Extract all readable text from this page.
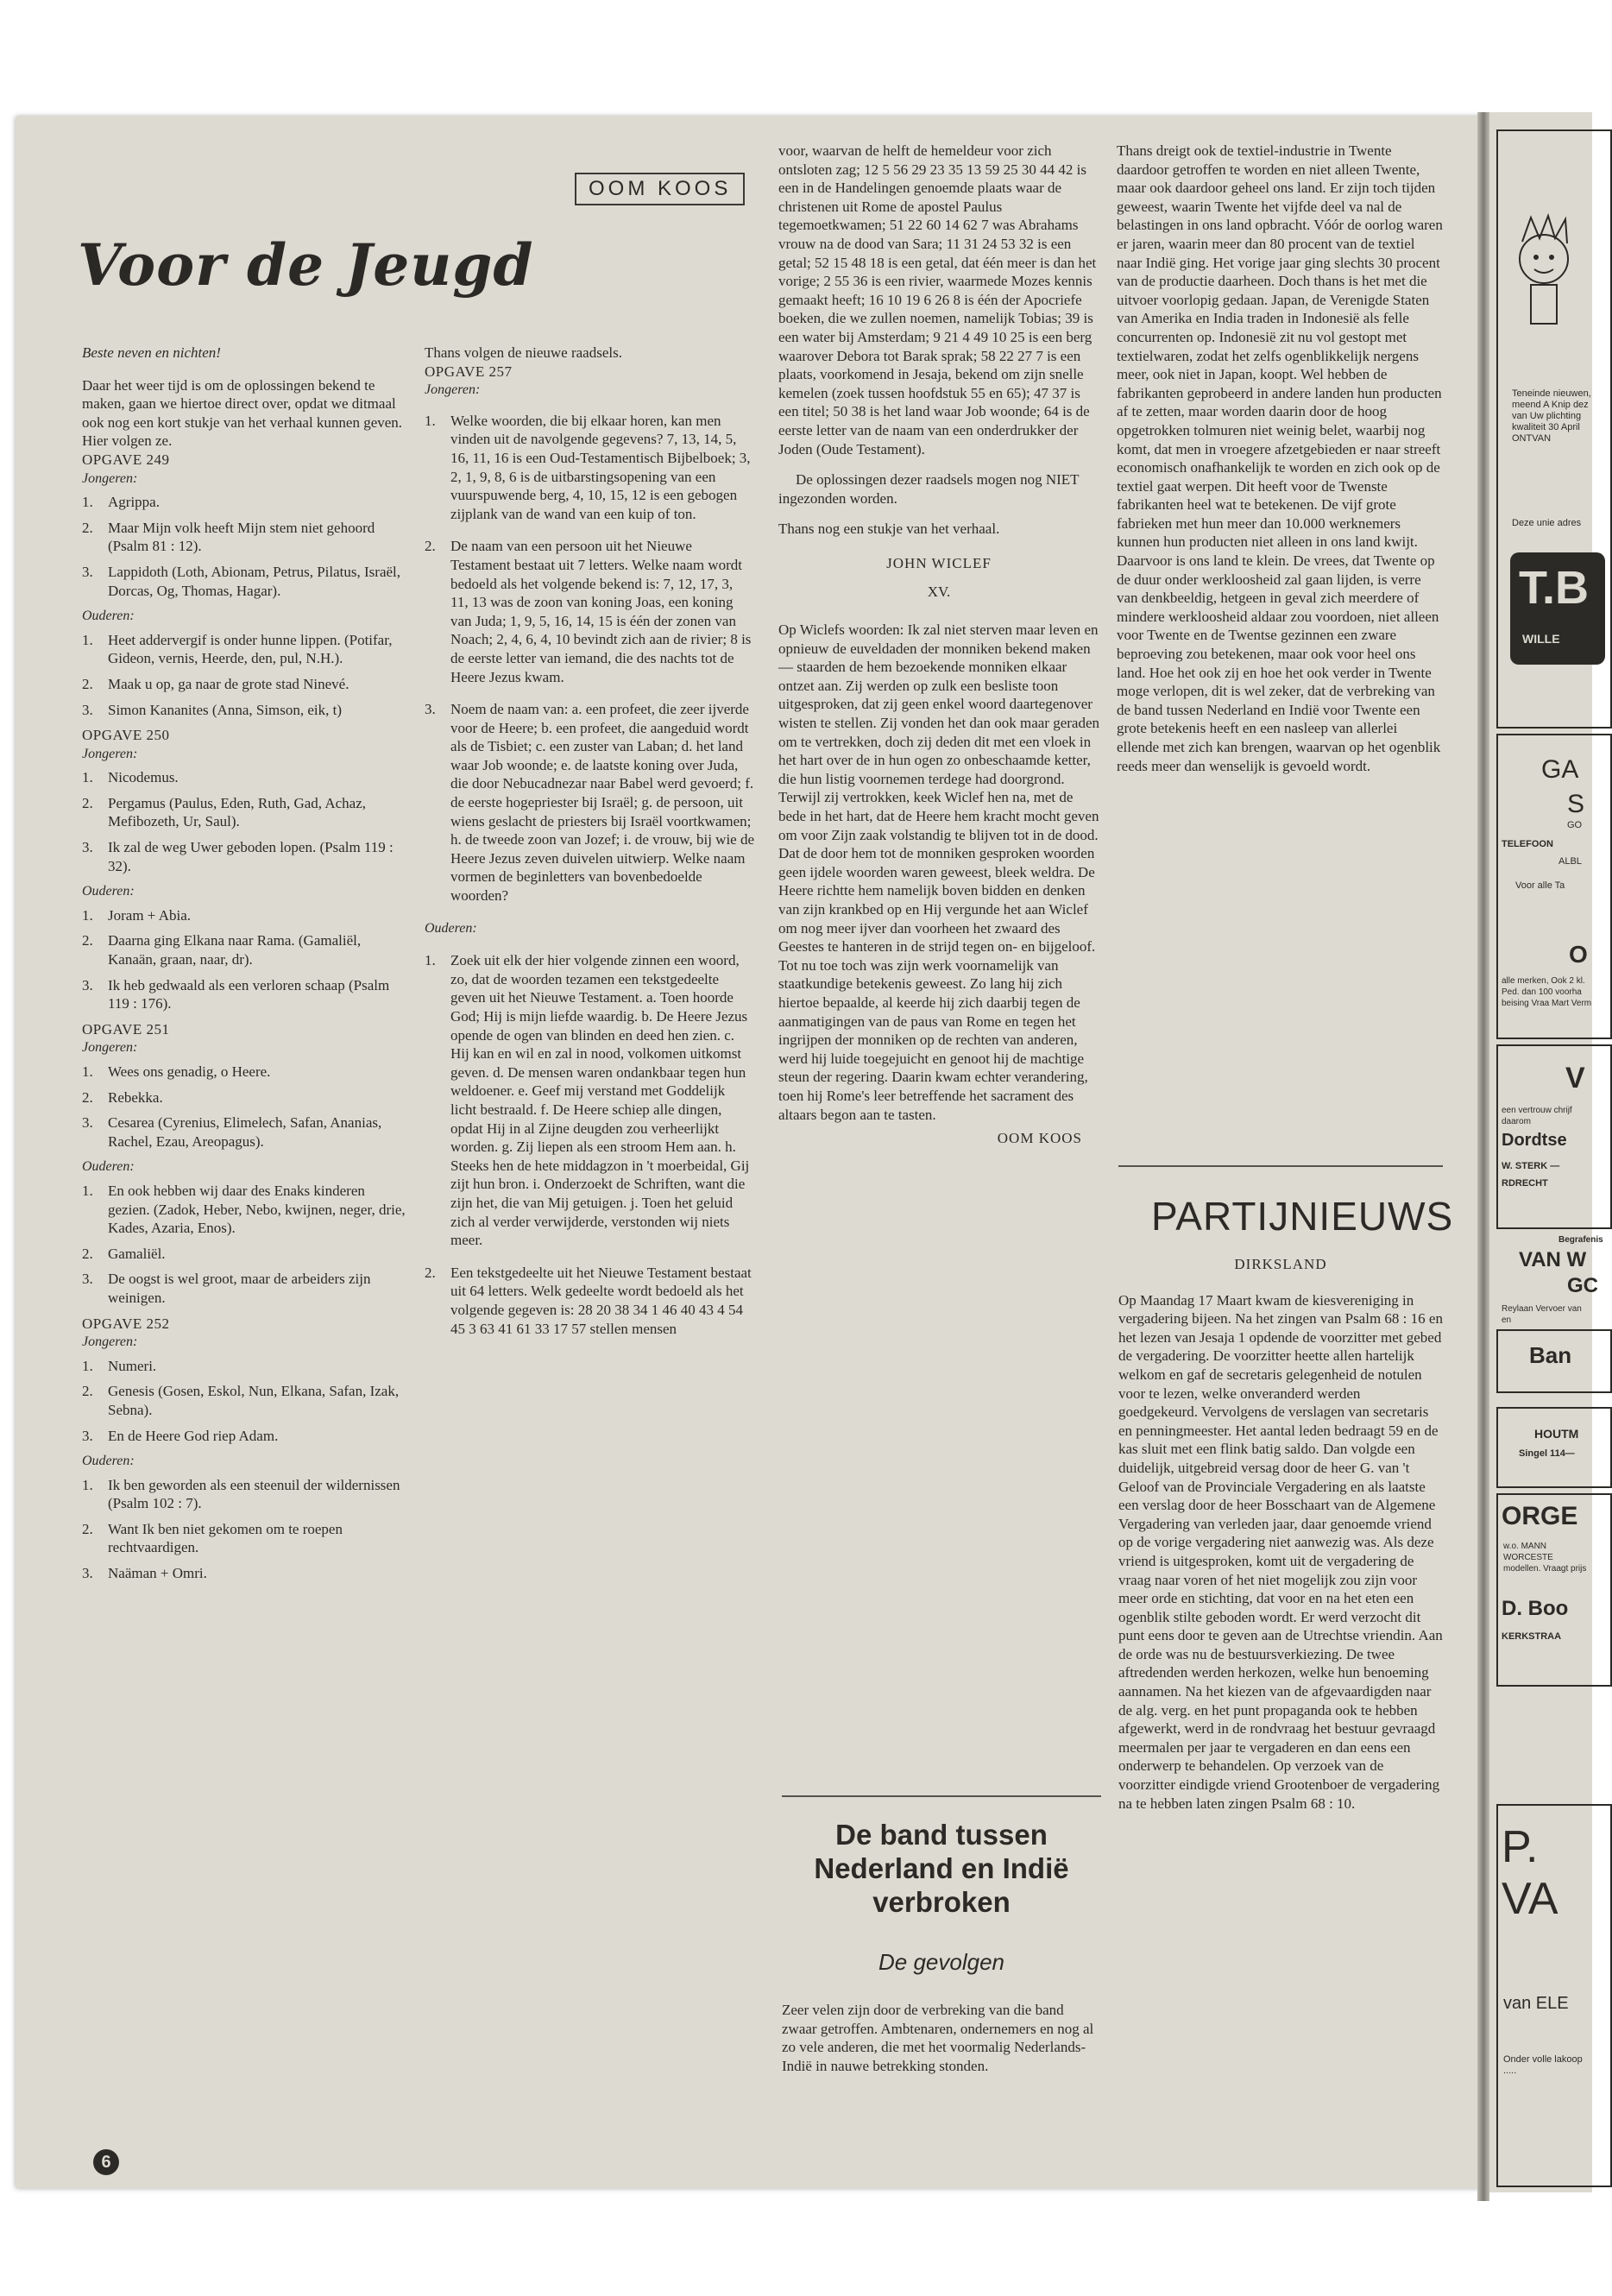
Teneinde nieuwen, meend A Knip dez van Uw plichting kwaliteit 30 April ONTVAN
Deze unie adres
T.B
WILLE
GA
S
GO
TELEFOON
ALBL
Voor alle Ta
O
alle merken, Ook 2 kl. Ped. dan 100 voorha beising Vraa Mart Verm
V
een vertrouw chrijf daarom
Dordtse
W. STERK —
RDRECHT
Begrafenis
VAN W
GC
Reylaan Vervoer van en
Ban
HOUTM
Singel 114—
ORGE
w.o. MANN WORCESTE modellen. Vraagt prijs
D. Boo
KERKSTRAA
P. VA
van ELE
Onder volle lakoop .....
OOM KOOS
Voor de Jeugd

Beste neven en nichten!

Daar het weer tijd is om de oplossingen bekend te maken, gaan we hiertoe direct over, opdat we ditmaal ook nog een kort stukje van het verhaal kunnen geven. Hier volgen ze.

OPGAVE 249

Jongeren:

1. Agrippa.
2. Maar Mijn volk heeft Mijn stem niet gehoord (Psalm 81 : 12).
3. Lappidoth (Loth, Abionam, Petrus, Pilatus, Israël, Dorcas, Og, Thomas, Hagar).

Ouderen:

1. Heet addervergif is onder hunne lippen. (Potifar, Gideon, vernis, Heerde, den, pul, N.H.).
2. Maak u op, ga naar de grote stad Ninevé.
3. Simon Kananites (Anna, Simson, eik, t)

OPGAVE 250

Jongeren:

1. Nicodemus.
2. Pergamus (Paulus, Eden, Ruth, Gad, Achaz, Mefibozeth, Ur, Saul).
3. Ik zal de weg Uwer geboden lopen. (Psalm 119 : 32).

Ouderen:

1. Joram + Abia.
2. Daarna ging Elkana naar Rama. (Gamaliël, Kanaän, graan, naar, dr).
3. Ik heb gedwaald als een verloren schaap (Psalm 119 : 176).

OPGAVE 251

Jongeren:

1. Wees ons genadig, o Heere.
2. Rebekka.
3. Cesarea (Cyrenius, Elimelech, Safan, Ananias, Rachel, Ezau, Areopagus).

Ouderen:

1. En ook hebben wij daar des Enaks kinderen gezien. (Zadok, Heber, Nebo, kwijnen, neger, drie, Kades, Azaria, Enos).
2. Gamaliël.
3. De oogst is wel groot, maar de arbeiders zijn weinigen.

OPGAVE 252

Jongeren:

1. Numeri.
2. Genesis (Gosen, Eskol, Nun, Elkana, Safan, Izak, Sebna).
3. En de Heere God riep Adam.

Ouderen:

1. Ik ben geworden als een steenuil der wildernissen (Psalm 102 : 7).
2. Want Ik ben niet gekomen om te roepen rechtvaardigen.
3. Naäman + Omri.

Thans volgen de nieuwe raadsels.

OPGAVE 257

Jongeren:

1. Welke woorden, die bij elkaar horen, kan men vinden uit de navolgende gegevens? 7, 13, 14, 5, 16, 11, 16 is een Oud-Testamentisch Bijbelboek; 3, 2, 1, 9, 8, 6 is de uitbarstingsopening van een vuurspuwende berg, 4, 10, 15, 12 is een gebogen zijplank van de wand van een kuip of ton.
2. De naam van een persoon uit het Nieuwe Testament bestaat uit 7 letters. Welke naam wordt bedoeld als het volgende bekend is: 7, 12, 17, 3, 11, 13 was de zoon van koning Joas, een koning van Juda; 1, 9, 5, 16, 14, 15 is één der zonen van Noach; 2, 4, 6, 4, 10 bevindt zich aan de rivier; 8 is de eerste letter van iemand, die des nachts tot de Heere Jezus kwam.
3. Noem de naam van: a. een profeet, die zeer ijverde voor de Heere; b. een profeet, die aangeduid wordt als de Tisbiet; c. een zuster van Laban; d. het land waar Job woonde; e. de laatste koning over Juda, die door Nebucadnezar naar Babel werd gevoerd; f. de eerste hogepriester bij Israël; g. de persoon, uit wiens geslacht de priesters bij Israël voortkwamen; h. de tweede zoon van Jozef; i. de vrouw, bij wie de Heere Jezus zeven duivelen uitwierp. Welke naam vormen de beginletters van bovenbedoelde woorden?

Ouderen:

1. Zoek uit elk der hier volgende zinnen een woord, zo, dat de woorden tezamen een tekstgedeelte geven uit het Nieuwe Testament. a. Toen hoorde God; Hij is mijn liefde waardig. b. De Heere Jezus opende de ogen van blinden en deed hen zien. c. Hij kan en wil en zal in nood, volkomen uitkomst geven. d. De mensen waren ondankbaar tegen hun weldoener. e. Geef mij verstand met Goddelijk licht bestraald. f. De Heere schiep alle dingen, opdat Hij in al Zijne deugden zou verheerlijkt worden. g. Zij liepen als een stroom Hem aan. h. Steeks hen de hete middagzon in 't moerbeidal, Gij zijt hun bron. i. Onderzoekt de Schriften, want die zijn het, die van Mij getuigen. j. Toen het geluid zich al verder verwijderde, verstonden wij niets meer.
2. Een tekstgedeelte uit het Nieuwe Testament bestaat uit 64 letters. Welk gedeelte wordt bedoeld als het volgende gegeven is: 28 20 38 34 1 46 40 43 4 54 45 3 63 41 61 33 17 57 stellen mensen

voor, waarvan de helft de hemeldeur voor zich ontsloten zag; 12 5 56 29 23 35 13 59 25 30 44 42 is een in de Handelingen genoemde plaats waar de christenen uit Rome de apostel Paulus tegemoetkwamen; 51 22 60 14 62 7 was Abrahams vrouw na de dood van Sara; 11 31 24 53 32 is een getal; 52 15 48 18 is een getal, dat één meer is dan het vorige; 2 55 36 is een rivier, waarmede Mozes kennis gemaakt heeft; 16 10 19 6 26 8 is één der Apocriefe boeken, die we zullen noemen, namelijk Tobias; 39 is een water bij Amsterdam; 9 21 4 49 10 25 is een berg waarover Debora tot Barak sprak; 58 22 27 7 is een plaats, voorkomend in Jesaja, bekend om zijn snelle kemelen (zoek tussen hoofdstuk 55 en 65); 47 37 is een titel; 50 38 is het land waar Job woonde; 64 is de eerste letter van de naam van een onderdrukker der Joden (Oude Testament).

De oplossingen dezer raadsels mogen nog NIET ingezonden worden.

Thans nog een stukje van het verhaal.

JOHN WICLEF

XV.

Op Wiclefs woorden: Ik zal niet sterven maar leven en opnieuw de euveldaden der monniken bekend maken — staarden de hem bezoekende monniken elkaar ontzet aan. Zij werden op zulk een besliste toon uitgesproken, dat zij geen enkel woord daartegenover wisten te stellen. Zij vonden het dan ook maar geraden om te vertrekken, doch zij deden dit met een vloek in het hart over de in hun ogen zo onbeschaamde ketter, die hun listig voornemen terdege had doorgrond. Terwijl zij vertrokken, keek Wiclef hen na, met de bede in het hart, dat de Heere hem kracht mocht geven om voor Zijn zaak volstandig te blijven tot in de dood. Dat de door hem tot de monniken gesproken woorden geen ijdele woorden waren geweest, bleek weldra. De Heere richtte hem namelijk boven bidden en denken van zijn krankbed op en Hij vergunde het aan Wiclef om nog meer ijver dan voorheen het zwaard des Geestes te hanteren in de strijd tegen on- en bijgeloof. Tot nu toe toch was zijn werk voornamelijk van staatkundige betekenis geweest. Zo lang hij zich hiertoe bepaalde, al keerde hij zich daarbij tegen de aanmatigingen van de paus van Rome en tegen het ingrijpen der monniken op de rechten van anderen, werd hij luide toegejuicht en genoot hij de machtige steun der regering. Daarin kwam echter verandering, toen hij Rome's leer betreffende het sacrament des altaars begon aan te tasten.

OOM KOOS

De band tussen Nederland en Indië verbroken
De gevolgen

Zeer velen zijn door de verbreking van die band zwaar getroffen. Ambtenaren, ondernemers en nog al zo vele anderen, die met het voormalig Nederlands- Indië in nauwe betrekking stonden.

Thans dreigt ook de textiel-industrie in Twente daardoor getroffen te worden en niet alleen Twente, maar ook daardoor geheel ons land. Er zijn toch tijden geweest, waarin Twente het vijfde deel va nal de belastingen in ons land opbracht. Vóór de oorlog waren er jaren, waarin meer dan 80 procent van de textiel naar Indië ging. Het vorige jaar ging slechts 30 procent van de productie daarheen. Doch thans is het met die uitvoer voorlopig gedaan. Japan, de Verenigde Staten van Amerika en India traden in Indonesië als felle concurrenten op. Indonesië zit nu vol gestopt met textielwaren, zodat het zelfs ogenblikkelijk nergens meer, ook niet in Japan, koopt. Wel hebben de fabrikanten geprobeerd in andere landen hun producten af te zetten, maar worden daarin door de hoog opgetrokken tolmuren niet weinig belet, waarbij nog komt, dat men in vroegere afzetgebieden er naar streeft economisch onafhankelijk te worden en zich ook op de textiel gaat werpen. Dit heeft voor de Twenste fabrikanten heel wat te betekenen. De vijf grote fabrieken met hun meer dan 10.000 werknemers kunnen hun producten niet alleen in ons land kwijt. Daarvoor is ons land te klein. De vrees, dat Twente op de duur onder werkloosheid zal gaan lijden, is verre van denkbeeldig, hetgeen in geval zich meerdere of mindere werkloosheid aldaar zou voordoen, niet alleen voor Twente en de Twentse gezinnen een zware beproeving zou betekenen, maar ook voor heel ons land. Hoe het ook zij en hoe het ook verder in Twente moge verlopen, dit is wel zeker, dat de verbreking van de band tussen Nederland en Indië voor Twente een grote betekenis heeft en een nasleep van allerlei ellende met zich kan brengen, waarvan op het ogenblik reeds meer dan wenselijk is gevoeld wordt.

PARTIJNIEUWS

DIRKSLAND

Op Maandag 17 Maart kwam de kiesvereniging in vergadering bijeen. Na het zingen van Psalm 68 : 16 en het lezen van Jesaja 1 opdende de voorzitter met gebed de vergadering. De voorzitter heette allen hartelijk welkom en gaf de secretaris gelegenheid de notulen voor te lezen, welke onveranderd werden goedgekeurd. Vervolgens de verslagen van secretaris en penningmeester. Het aantal leden bedraagt 59 en de kas sluit met een flink batig saldo. Dan volgde een duidelijk, uitgebreid versag door de heer G. van 't Geloof van de Provinciale Vergadering en als laatste een verslag door de heer Bosschaart van de Algemene Vergadering van verleden jaar, daar genoemde vriend op de vorige vergadering niet aanwezig was. Als deze vriend is uitgesproken, komt uit de vergadering de vraag naar voren of het niet mogelijk zou zijn voor meer orde en stichting, dat voor en na het eten een ogenblik stilte geboden wordt. Er werd verzocht dit punt eens door te geven aan de Utrechtse vriendin. Aan de orde was nu de bestuursverkiezing. De twee aftredenden werden herkozen, welke hun benoeming aannamen. Na het kiezen van de afgevaardigden naar de alg. verg. en het punt propaganda ook te hebben afgewerkt, werd in de rondvraag het bestuur gevraagd meermalen per jaar te vergaderen en dan eens een onderwerp te behandelen. Op verzoek van de voorzitter eindigde vriend Grootenboer de vergadering na te hebben laten zingen Psalm 68 : 10.

6
